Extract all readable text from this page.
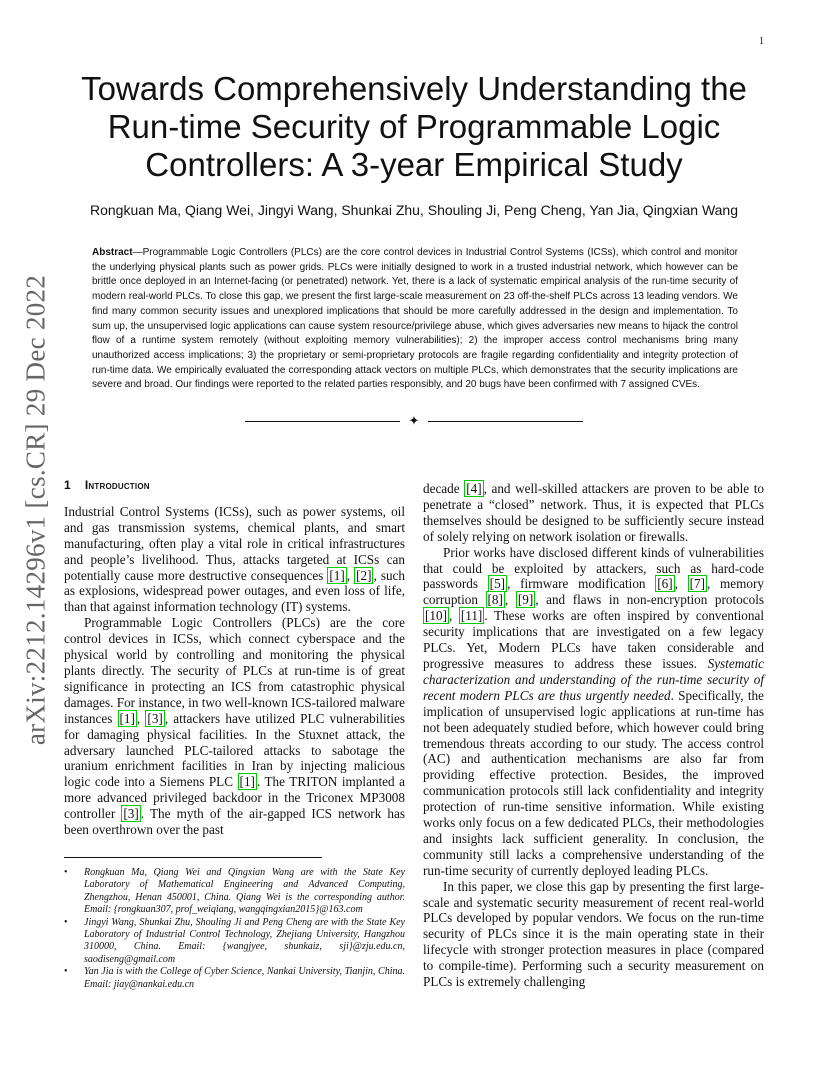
1
arXiv:2212.14296v1 [cs.CR] 29 Dec 2022
Towards Comprehensively Understanding the Run-time Security of Programmable Logic Controllers: A 3-year Empirical Study
Rongkuan Ma, Qiang Wei, Jingyi Wang, Shunkai Zhu, Shouling Ji, Peng Cheng, Yan Jia, Qingxian Wang
Abstract—Programmable Logic Controllers (PLCs) are the core control devices in Industrial Control Systems (ICSs), which control and monitor the underlying physical plants such as power grids. PLCs were initially designed to work in a trusted industrial network, which however can be brittle once deployed in an Internet-facing (or penetrated) network. Yet, there is a lack of systematic empirical analysis of the run-time security of modern real-world PLCs. To close this gap, we present the first large-scale measurement on 23 off-the-shelf PLCs across 13 leading vendors. We find many common security issues and unexplored implications that should be more carefully addressed in the design and implementation. To sum up, the unsupervised logic applications can cause system resource/privilege abuse, which gives adversaries new means to hijack the control flow of a runtime system remotely (without exploiting memory vulnerabilities); 2) the improper access control mechanisms bring many unauthorized access implications; 3) the proprietary or semi-proprietary protocols are fragile regarding confidentiality and integrity protection of run-time data. We empirically evaluated the corresponding attack vectors on multiple PLCs, which demonstrates that the security implications are severe and broad. Our findings were reported to the related parties responsibly, and 20 bugs have been confirmed with 7 assigned CVEs.
✦
1 Introduction

Industrial Control Systems (ICSs), such as power systems, oil and gas transmission systems, chemical plants, and smart manufacturing, often play a vital role in critical infrastructures and people’s livelihood. Thus, attacks targeted at ICSs can potentially cause more destructive consequences [1] , [2] , such as explosions, widespread power outages, and even loss of life, than that against information technology (IT) systems.

Programmable Logic Controllers (PLCs) are the core control devices in ICSs, which connect cyberspace and the physical world by controlling and monitoring the physical plants directly. The security of PLCs at run-time is of great significance in protecting an ICS from catastrophic physical damages. For instance, in two well-known ICS-tailored malware instances [1] , [3] , attackers have utilized PLC vulnerabilities for damaging physical facilities. In the Stuxnet attack, the adversary launched PLC-tailored attacks to sabotage the uranium enrichment facilities in Iran by injecting malicious logic code into a Siemens PLC [1] . The TRITON implanted a more advanced privileged backdoor in the Triconex MP3008 controller [3] . The myth of the air-gapped ICS network has been overthrown over the past

decade [4] , and well-skilled attackers are proven to be able to penetrate a “closed” network. Thus, it is expected that PLCs themselves should be designed to be sufficiently secure instead of solely relying on network isolation or firewalls.

Prior works have disclosed different kinds of vulnerabilities that could be exploited by attackers, such as hard-code passwords [5] , firmware modification [6] , [7] , memory corruption [8] , [9] , and flaws in non-encryption protocols [10] , [11] . These works are often inspired by conventional security implications that are investigated on a few legacy PLCs. Yet, Modern PLCs have taken considerable and progressive measures to address these issues. Systematic characterization and understanding of the run-time security of recent modern PLCs are thus urgently needed. Specifically, the implication of unsupervised logic applications at run-time has not been adequately studied before, which however could bring tremendous threats according to our study. The access control (AC) and authentication mechanisms are also far from providing effective protection. Besides, the improved communication protocols still lack confidentiality and integrity protection of run-time sensitive information. While existing works only focus on a few dedicated PLCs, their methodologies and insights lack sufficient generality. In conclusion, the community still lacks a comprehensive understanding of the run-time security of currently deployed leading PLCs.

In this paper, we close this gap by presenting the first large-scale and systematic security measurement of recent real-world PLCs developed by popular vendors. We focus on the run-time security of PLCs since it is the main operating state in their lifecycle with stronger protection measures in place (compared to compile-time). Performing such a security measurement on PLCs is extremely challenging

• Rongkuan Ma, Qiang Wei and Qingxian Wang are with the State Key Laboratory of Mathematical Engineering and Advanced Computing, Zhengzhou, Henan 450001, China. Qiang Wei is the corresponding author. Email: {rongkuan307, prof_weiqiang, wangqingxian2015}@163.com
• Jingyi Wang, Shunkai Zhu, Shouling Ji and Peng Cheng are with the State Key Laboratory of Industrial Control Technology, Zhejiang University, Hangzhou 310000, China. Email: {wangjyee, shunkaiz, sji}@zju.edu.cn, saodiseng@gmail.com
• Yan Jia is with the College of Cyber Science, Nankai University, Tianjin, China. Email: jiay@nankai.edu.cn
